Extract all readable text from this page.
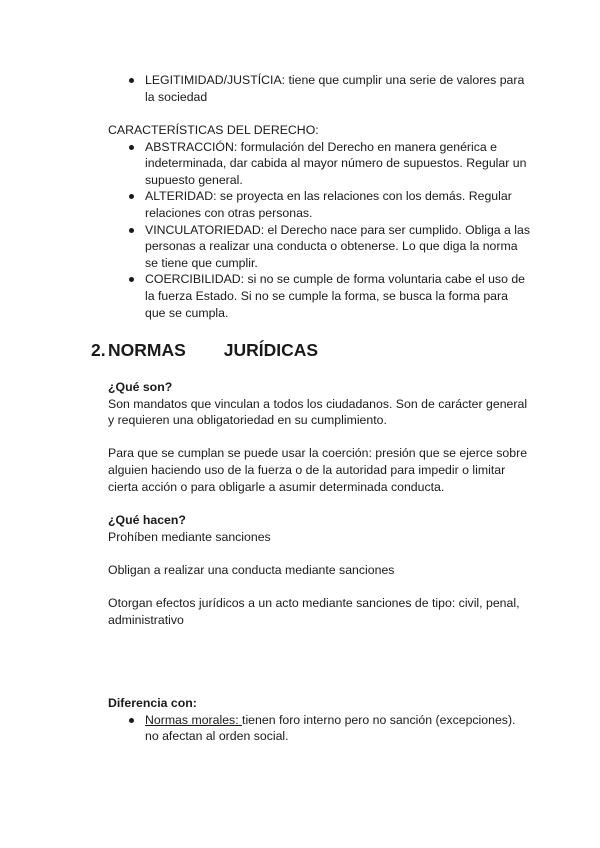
LEGITIMIDAD/JUSTÍCIA: tiene que cumplir una serie de valores para la sociedad

CARACTERÍSTICAS DEL DERECHO:

ABSTRACCIÓN: formulación del Derecho en manera genérica e indeterminada, dar cabida al mayor número de supuestos. Regular un supuesto general.
ALTERIDAD: se proyecta en las relaciones con los demás. Regular relaciones con otras personas.
VINCULATORIEDAD: el Derecho nace para ser cumplido. Obliga a las personas a realizar una conducta o obtenerse. Lo que diga la norma se tiene que cumplir.
COERCIBILIDAD: si no se cumple de forma voluntaria cabe el uso de la fuerza Estado. Si no se cumple la forma, se busca la forma para que se cumpla.
2. NORMAS JURÍDICAS

¿Qué son?

Son mandatos que vinculan a todos los ciudadanos. Son de carácter general y requieren una obligatoriedad en su cumplimiento.

Para que se cumplan se puede usar la coerción: presión que se ejerce sobre alguien haciendo uso de la fuerza o de la autoridad para impedir o limitar cierta acción o para obligarle a asumir determinada conducta.

¿Qué hacen?

Prohíben mediante sanciones

Obligan a realizar una conducta mediante sanciones

Otorgan efectos jurídicos a un acto mediante sanciones de tipo: civil, penal, administrativo

Diferencia con:

Normas morales: tienen foro interno pero no sanción (excepciones). no afectan al orden social.
